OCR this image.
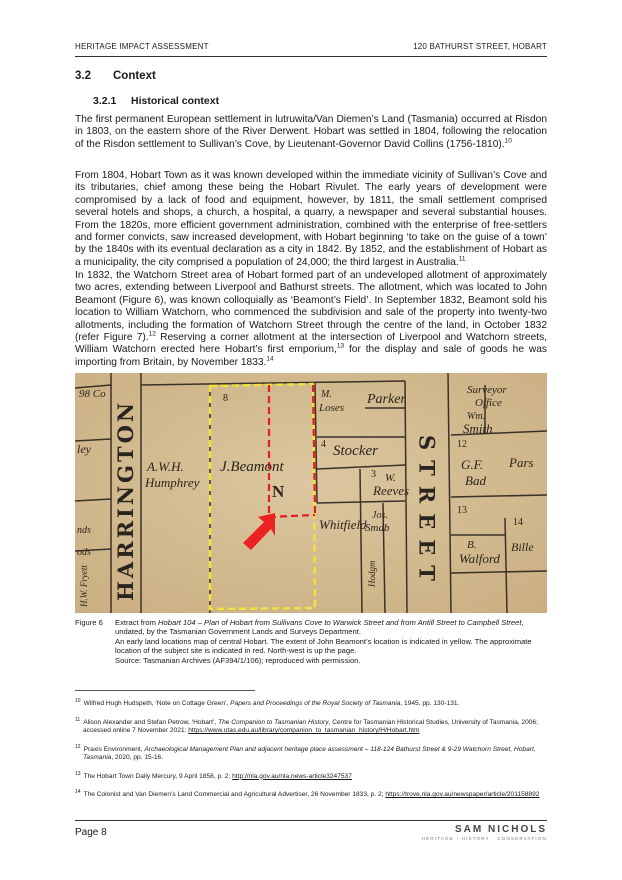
HERITAGE IMPACT ASSESSMENT	120 BATHURST STREET, HOBART
3.2 Context
3.2.1 Historical context

The first permanent European settlement in lutruwita/Van Diemen’s Land (Tasmania) occurred at Risdon in 1803, on the eastern shore of the River Derwent. Hobart was settled in 1804, following the relocation of the Risdon settlement to Sullivan’s Cove, by Lieutenant-Governor David Collins (1756-1810).$^{10}$

From 1804, Hobart Town as it was known developed within the immediate vicinity of Sullivan’s Cove and its tributaries, chief among these being the Hobart Rivulet. The early years of development were compromised by a lack of food and equipment, however, by 1811, the small settlement comprised several hotels and shops, a church, a hospital, a quarry, a newspaper and several substantial houses. From the 1820s, more efficient government administration, combined with the enterprise of free-settlers and former convicts, saw increased development, with Hobart beginning ‘to take on the guise of a town’ by the 1840s with its eventual declaration as a city in 1842. By 1852, and the establishment of Hobart as a municipality, the city comprised a population of 24,000; the third largest in Australia.$^{11}$

In 1832, the Watchorn Street area of Hobart formed part of an undeveloped allotment of approximately two acres, extending between Liverpool and Bathurst streets. The allotment, which was located to John Beamont (Figure 6), was known colloquially as ‘Beamont’s Field’. In September 1832, Beamont sold his location to William Watchorn, who commenced the subdivision and sale of the property into twenty-two allotments, including the formation of Watchorn Street through the centre of the land, in October 1832 (refer Figure 7).$^{12}$ Reserving a corner allotment at the intersection of Liverpool and Watchorn streets, William Watchorn erected here Hobart’s first emporium,$^{13}$ for the display and sale of goods he was importing from Britain, by November 1833.14

98 Co
ley
nds
ods
A.W.H.
Humphrey
J.Beamont
N
8	M.
Loses
Parker
4 Stocker
3 W.
Reeves
Whitfield
Jos.
Smdb
Hodgm
Surveyor
Office
Wm.
Smith
12
G.F.
Bad
Pars
13
14
B.
Walford
Bille
H.W. Fryett HARRINGTON	STREET
Figure 6 Extract from Hobart 104 – Plan of Hobart from Sullivans Cove to Warwick Street and from Antill Street to Campbell Street, undated, by the Tasmanian Government Lands and Surveys Department.

An early land locations map of central Hobart. The extent of John Beamont’s location is indicated in yellow. The approximate location of the subject site is indicated in red. North-west is up the page.

Source: Tasmanian Archives (AF394/1/106); reproduced with permission.

$^{10}$ Wilfred Hugh Hudspeth, ‘Note on Cottage Green’, Papers and Proceedings of the Royal Society of Tasmania, 1945, pp. 130-131.

$^{11}$ Alison Alexander and Stefan Petrow, ‘Hobart’, The Companion to Tasmanian History, Centre for Tasmanian Historical Studies, University of Tasmania, 2006; accessed online 7 November 2021: https://www.utas.edu.au/library/companion_to_tasmanian_history/H/Hobart.htm

$^{12}$ Praxis Environment, Archaeological Management Plan and adjacent heritage place assessment – 118-124 Bathurst Street & 9-29 Watchorn Street, Hobart, Tasmania, 2020, pp. 15-16.

$^{13}$ The Hobart Town Daily Mercury, 9 April 1858, p. 2; http://nla.gov.au/nla.news-article3247537

$^{14}$ The Colonist and Van Diemen’s Land Commercial and Agricultural Advertiser, 26 November 1833, p. 2; https://trove.nla.gov.au/newspaper/article/201158892

Page 8	SAM NICHOLS
HERITAGE · HISTORY · CONSERVATION
